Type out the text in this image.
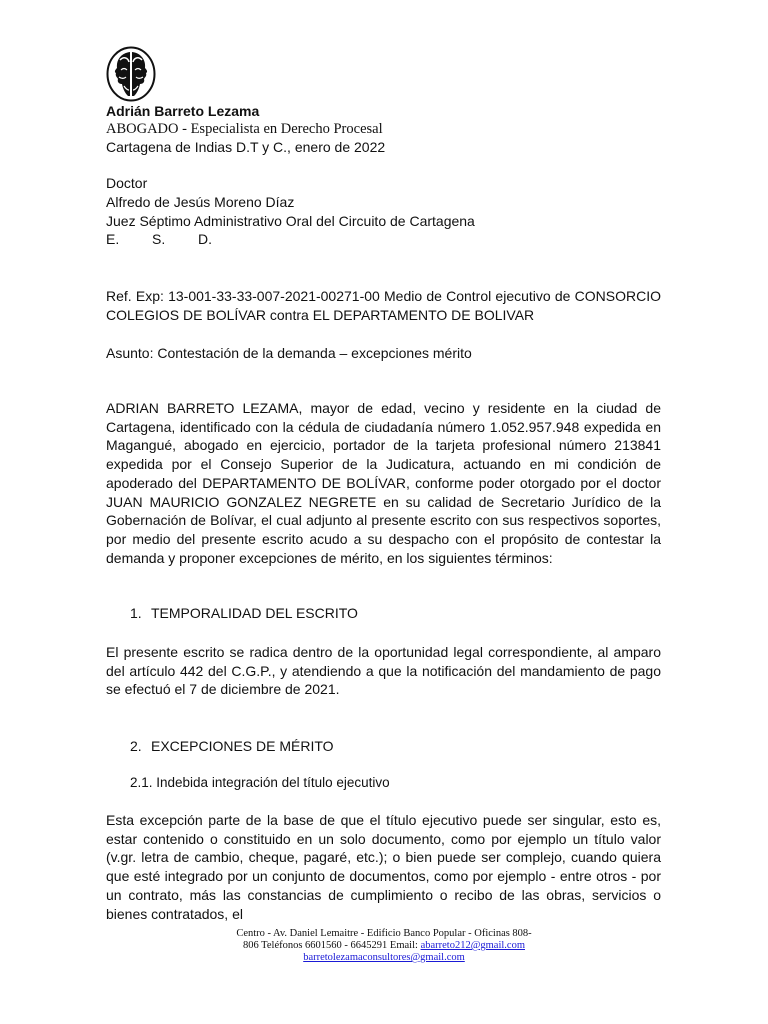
Adrián Barreto Lezama
ABOGADO - Especialista en Derecho Procesal
Cartagena de Indias D.T y C., enero de 2022
Doctor
Alfredo de Jesús Moreno Díaz
Juez Séptimo Administrativo Oral del Circuito de Cartagena
E. S. D.

Ref. Exp: 13-001-33-33-007-2021-00271-00 Medio de Control ejecutivo de CONSORCIO COLEGIOS DE BOLÍVAR contra EL DEPARTAMENTO DE BOLIVAR

Asunto: Contestación de la demanda – excepciones mérito

ADRIAN BARRETO LEZAMA, mayor de edad, vecino y residente en la ciudad de Cartagena, identificado con la cédula de ciudadanía número 1.052.957.948 expedida en Magangué, abogado en ejercicio, portador de la tarjeta profesional número 213841 expedida por el Consejo Superior de la Judicatura, actuando en mi condición de apoderado del DEPARTAMENTO DE BOLÍVAR, conforme poder otorgado por el doctor JUAN MAURICIO GONZALEZ NEGRETE en su calidad de Secretario Jurídico de la Gobernación de Bolívar, el cual adjunto al presente escrito con sus respectivos soportes, por medio del presente escrito acudo a su despacho con el propósito de contestar la demanda y proponer excepciones de mérito, en los siguientes términos:

1. TEMPORALIDAD DEL ESCRITO

El presente escrito se radica dentro de la oportunidad legal correspondiente, al amparo del artículo 442 del C.G.P., y atendiendo a que la notificación del mandamiento de pago se efectuó el 7 de diciembre de 2021.

2. EXCEPCIONES DE MÉRITO
2.1. Indebida integración del título ejecutivo

Esta excepción parte de la base de que el título ejecutivo puede ser singular, esto es, estar contenido o constituido en un solo documento, como por ejemplo un título valor (v.gr. letra de cambio, cheque, pagaré, etc.); o bien puede ser complejo, cuando quiera que esté integrado por un conjunto de documentos, como por ejemplo - entre otros - por un contrato, más las constancias de cumplimiento o recibo de las obras, servicios o bienes contratados, el

Centro - Av. Daniel Lemaitre - Edificio Banco Popular - Oficinas 808-
806 Teléfonos 6601560 - 6645291 Email: abarreto212@gmail.com
barretolezamaconsultores@gmail.com
